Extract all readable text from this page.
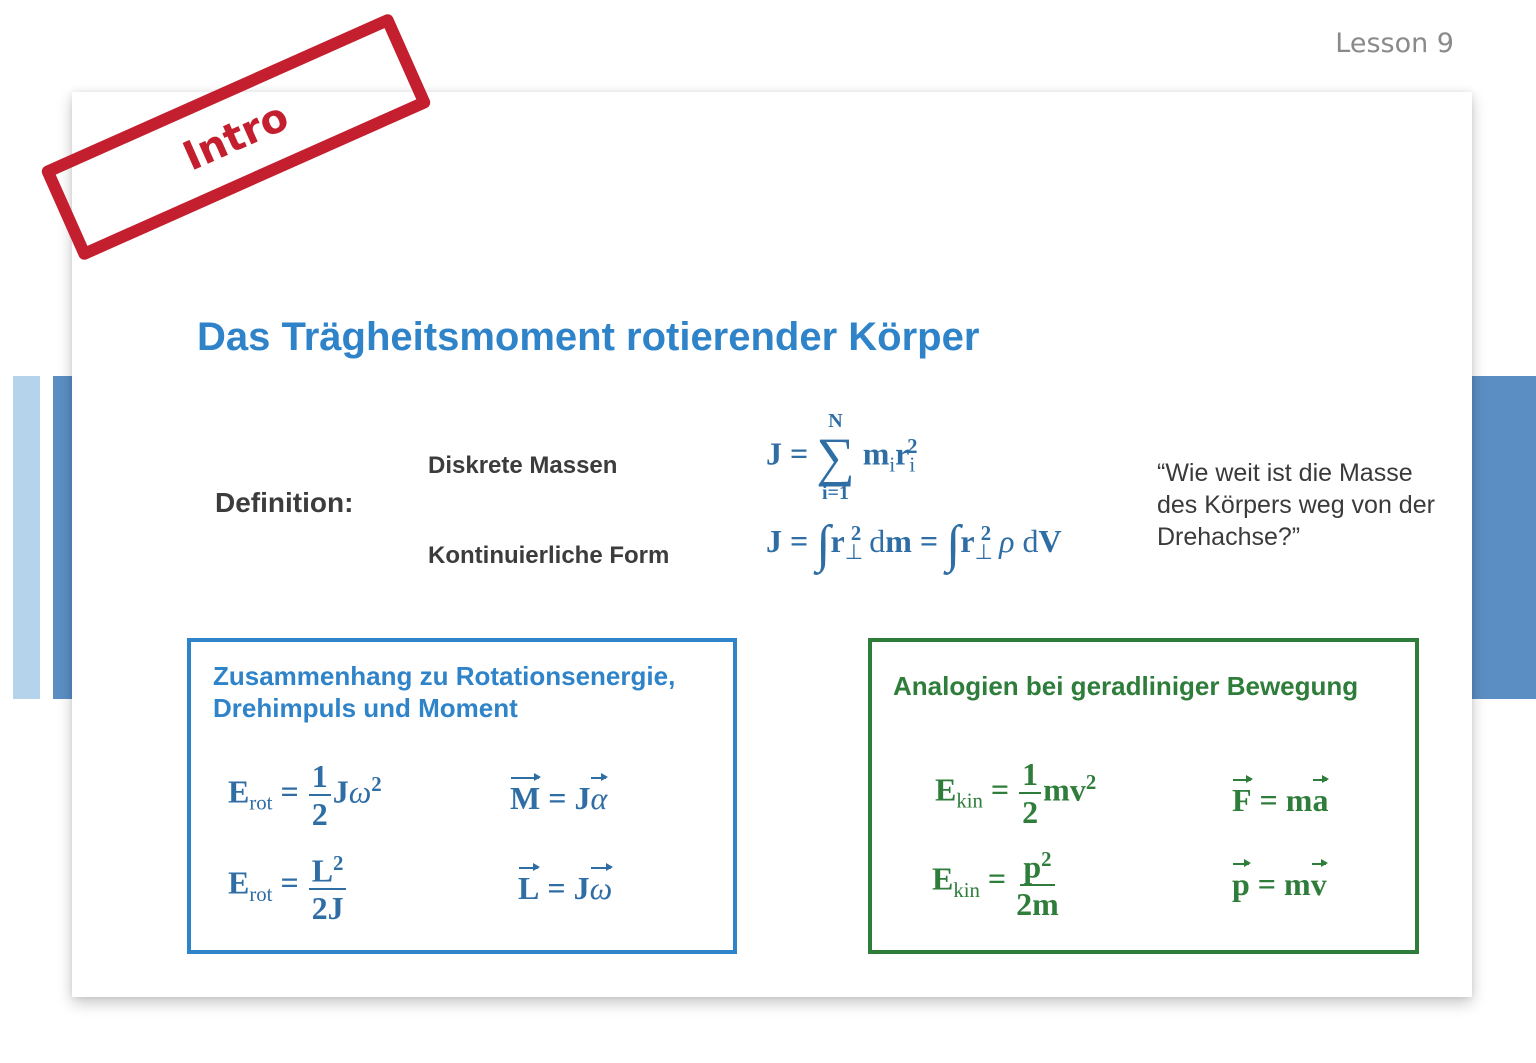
Lesson 9
Intro
Das Trägheitsmoment rotierender Körper
Definition:
Diskrete Massen
Kontinuierliche Form
J =
N
∑
i=1
$m_ir_i^2$
$J = \int r_\perp^2$ dm = $\int r_\perp^2$ ρ dV
“Wie weit ist die Masse des Körpers weg von der Drehachse?”
Zusammenhang zu Rotationsenergie, Drehimpuls und Moment
$E_{rot} = \frac{1}{2} J\omega^2$
$E_{rot} = \frac{L^2}{2J}$
M = Jα
L = Jω
Analogien bei geradliniger Bewegung
$E_{kin} = \frac{1}{2} mv^2$
$E_{kin} = \frac{p^2}{2m}$
F = ma
p = mv
